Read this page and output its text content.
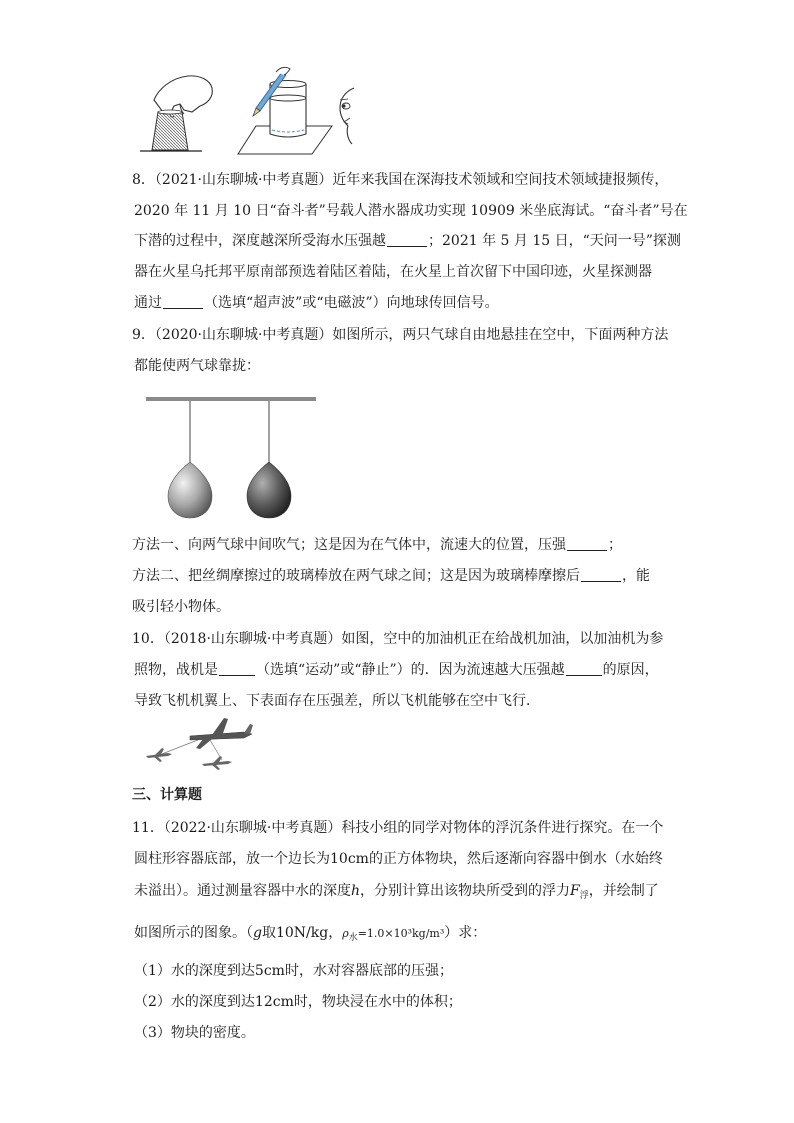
8．（2021·山东聊城·中考真题）近年来我国在深海技术领域和空间技术领域捷报频传，
2020 年 11 月 10 日“奋斗者”号载人潜水器成功实现 10909 米坐底海试。“奋斗者”号在
下潜的过程中，深度越深所受海水压强越	；2021 年 5 月 15 日，“天问一号”探测
器在火星乌托邦平原南部预选着陆区着陆，在火星上首次留下中国印迹，火星探测器
通过	（选填“超声波”或“电磁波”）向地球传回信号。
9．（2020·山东聊城·中考真题）如图所示，两只气球自由地悬挂在空中，下面两种方法
都能使两气球靠拢：
方法一、向两气球中间吹气；这是因为在气体中，流速大的位置，压强	；
方法二、把丝绸摩擦过的玻璃棒放在两气球之间；这是因为玻璃棒摩擦后	，能
吸引轻小物体。
10．（2018·山东聊城·中考真题）如图，空中的加油机正在给战机加油，以加油机为参
照物，战机是	（选填“运动”或“静止”）的．因为流速越大压强越	的原因，
导致飞机机翼上、下表面存在压强差，所以飞机能够在空中飞行．
三、计算题
11．（2022·山东聊城·中考真题）科技小组的同学对物体的浮沉条件进行探究。在一个
圆柱形容器底部，放一个边长为10cm的正方体物块，然后逐渐向容器中倒水（水始终
未溢出）。通过测量容器中水的深度h，分别计算出该物块所受到的浮力$F_浮$，并绘制了
如图所示的图象。（g取10N/kg，$\rho_水=1.0\times 10^3kg/m^3$）求：
（1）水的深度到达5cm时，水对容器底部的压强；
（2）水的深度到达12cm时，物块浸在水中的体积；
（3）物块的密度。
